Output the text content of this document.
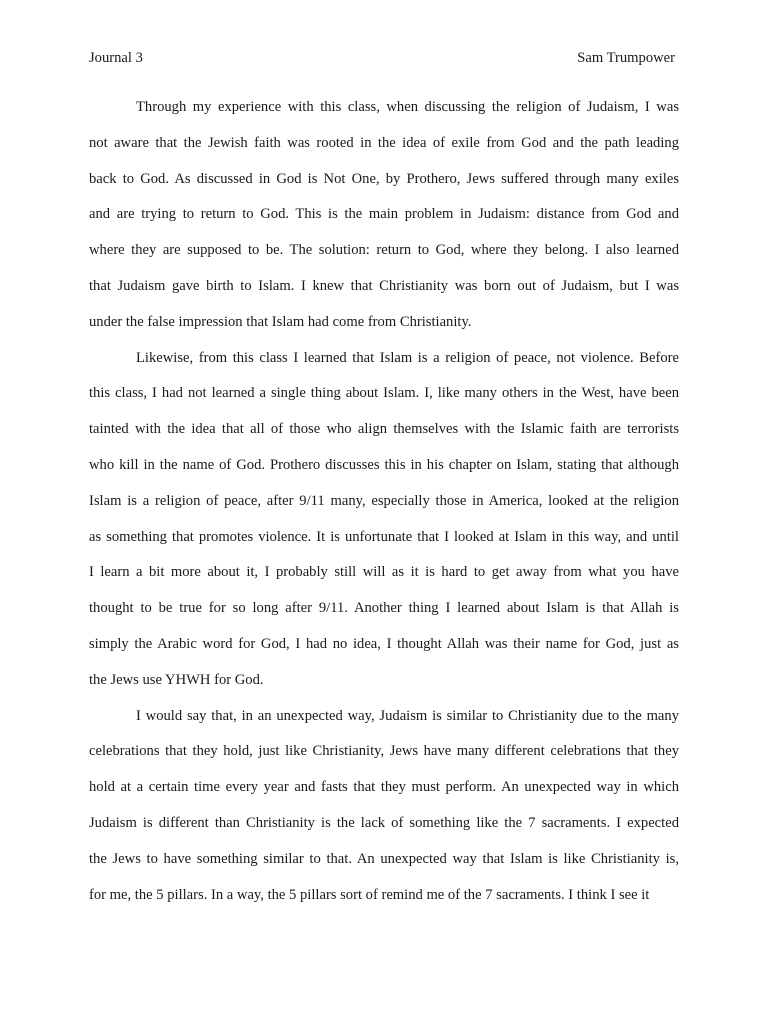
Journal 3	Sam Trumpower
Through my experience with this class, when discussing the religion of Judaism, I was
not aware that the Jewish faith was rooted in the idea of exile from God and the path leading
back to God. As discussed in God is Not One, by Prothero, Jews suffered through many exiles
and are trying to return to God. This is the main problem in Judaism: distance from God and
where they are supposed to be. The solution: return to God, where they belong. I also learned
that Judaism gave birth to Islam. I knew that Christianity was born out of Judaism, but I was
under the false impression that Islam had come from Christianity.
Likewise, from this class I learned that Islam is a religion of peace, not violence. Before
this class, I had not learned a single thing about Islam. I, like many others in the West, have been
tainted with the idea that all of those who align themselves with the Islamic faith are terrorists
who kill in the name of God. Prothero discusses this in his chapter on Islam, stating that although
Islam is a religion of peace, after 9/11 many, especially those in America, looked at the religion
as something that promotes violence. It is unfortunate that I looked at Islam in this way, and until
I learn a bit more about it, I probably still will as it is hard to get away from what you have
thought to be true for so long after 9/11. Another thing I learned about Islam is that Allah is
simply the Arabic word for God, I had no idea, I thought Allah was their name for God, just as
the Jews use YHWH for God.
I would say that, in an unexpected way, Judaism is similar to Christianity due to the many
celebrations that they hold, just like Christianity, Jews have many different celebrations that they
hold at a certain time every year and fasts that they must perform. An unexpected way in which
Judaism is different than Christianity is the lack of something like the 7 sacraments. I expected
the Jews to have something similar to that. An unexpected way that Islam is like Christianity is,
for me, the 5 pillars. In a way, the 5 pillars sort of remind me of the 7 sacraments. I think I see it
